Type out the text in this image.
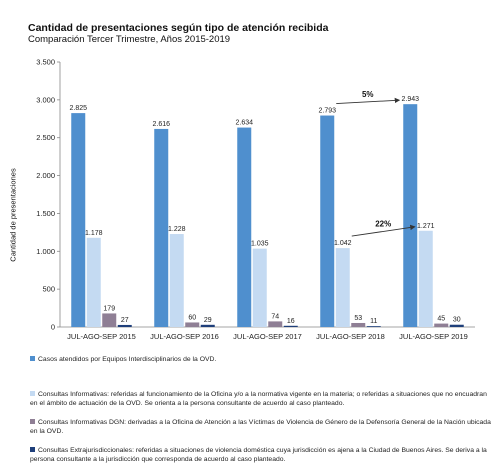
Cantidad de presentaciones según tipo de atención recibida
Comparación Tercer Trimestre, Años 2015-2019
0
500
1.000
1.500
2.000
2.500
3.000
3.500
2.825
1.178
179
27
JUL-AGO-SEP 2015
2.616
1.228
60 29
JUL-AGO-SEP 2016
2.634
1.035
74
16
JUL-AGO-SEP 2017
2.793
1.042
53 11
JUL-AGO-SEP 2018
2.943
1.271
45 30
JUL-AGO-SEP 2019
5%
22%
Cantidad de presentaciones
Casos atendidos por Equipos Interdisciplinarios de la OVD.
Consultas Informativas: referidas al funcionamiento de la Oficina y/o a la normativa vigente en la materia; o referidas a situaciones que no encuadran en el ámbito de actuación de la OVD. Se orienta a la persona consultante de acuerdo al caso planteado.
Consultas Informativas DGN: derivadas a la Oficina de Atención a las Víctimas de Violencia de Género de la Defensoría General de la Nación ubicada en la OVD.
Consultas Extrajurisdiccionales: referidas a situaciones de violencia doméstica cuya jurisdicción es ajena a la Ciudad de Buenos Aires. Se deriva a la persona consultante a la jurisdicción que corresponda de acuerdo al caso planteado.
